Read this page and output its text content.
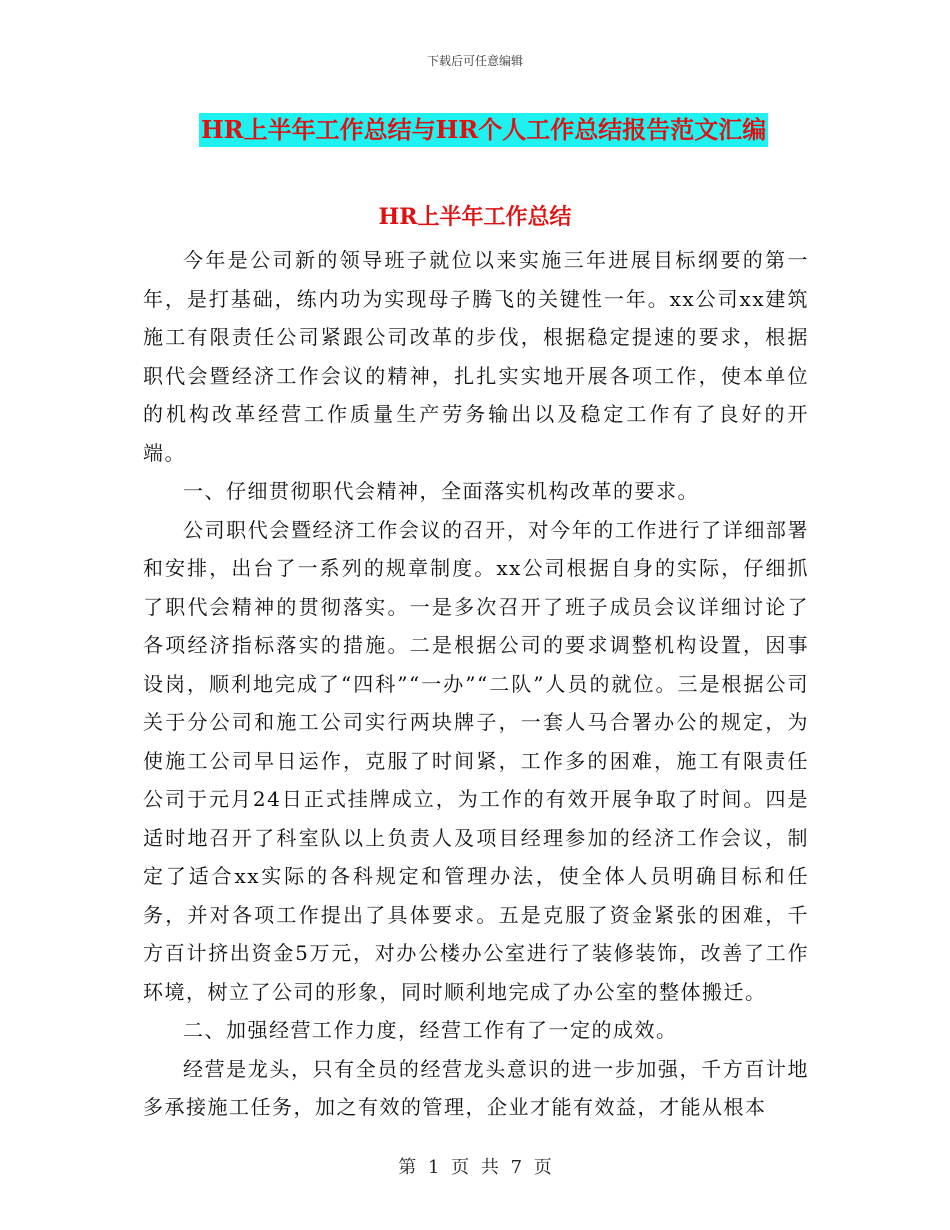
下载后可任意编辑
HR上半年工作总结与HR个人工作总结报告范文汇编
HR上半年工作总结

今年是公司新的领导班子就位以来实施三年进展目标纲要的第一年，是打基础，练内功为实现母子腾飞的关键性一年。xx公司xx建筑施工有限责任公司紧跟公司改革的步伐，根据稳定提速的要求，根据职代会暨经济工作会议的精神，扎扎实实地开展各项工作，使本单位的机构改革经营工作质量生产劳务输出以及稳定工作有了良好的开端。

一、仔细贯彻职代会精神，全面落实机构改革的要求。

公司职代会暨经济工作会议的召开，对今年的工作进行了详细部署和安排，出台了一系列的规章制度。xx公司根据自身的实际，仔细抓了职代会精神的贯彻落实。一是多次召开了班子成员会议详细讨论了各项经济指标落实的措施。二是根据公司的要求调整机构设置，因事设岗，顺利地完成了“四科”“一办”“二队”人员的就位。三是根据公司关于分公司和施工公司实行两块牌子，一套人马合署办公的规定，为使施工公司早日运作，克服了时间紧，工作多的困难，施工有限责任公司于元月24日正式挂牌成立，为工作的有效开展争取了时间。四是适时地召开了科室队以上负责人及项目经理参加的经济工作会议，制定了适合xx实际的各科规定和管理办法，使全体人员明确目标和任务，并对各项工作提出了具体要求。五是克服了资金紧张的困难，千方百计挤出资金5万元，对办公楼办公室进行了装修装饰，改善了工作环境，树立了公司的形象，同时顺利地完成了办公室的整体搬迁。

二、加强经营工作力度，经营工作有了一定的成效。

经营是龙头，只有全员的经营龙头意识的进一步加强，千方百计地多承接施工任务，加之有效的管理，企业才能有效益，才能从根本

第 1 页 共 7 页
